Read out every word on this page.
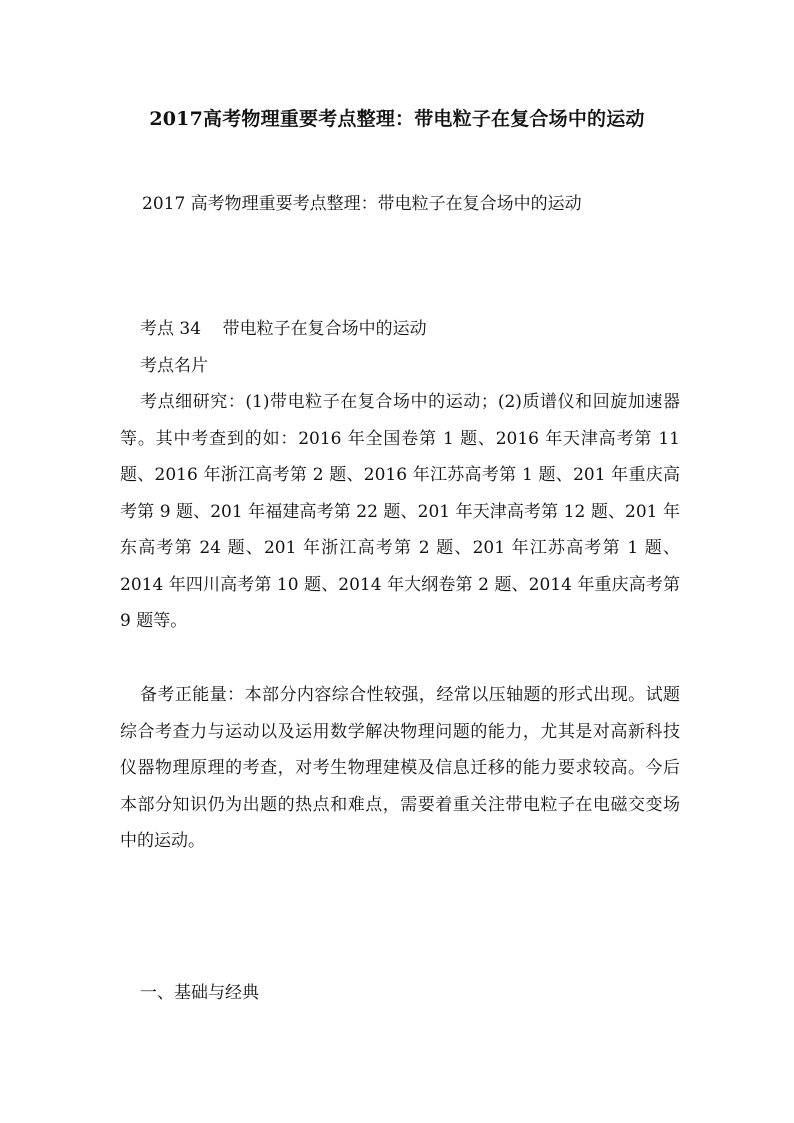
2017高考物理重要考点整理：带电粒子在复合场中的运动

2017 高考物理重要考点整理：带电粒子在复合场中的运动

考点 34    带电粒子在复合场中的运动

考点名片

考点细研究：(1)带电粒子在复合场中的运动；(2)质谱仪和回旋加速器等。其中考查到的如：2016 年全国卷第 1 题、2016 年天津高考第 11 题、2016 年浙江高考第 2 题、2016 年江苏高考第 1 题、201 年重庆高考第 9 题、201 年福建高考第 22 题、201 年天津高考第 12 题、201 年东高考第 24 题、201 年浙江高考第 2 题、201 年江苏高考第 1 题、2014 年四川高考第 10 题、2014 年大纲卷第 2 题、2014 年重庆高考第 9 题等。

备考正能量：本部分内容综合性较强，经常以压轴题的形式出现。试题综合考查力与运动以及运用数学解决物理问题的能力，尤其是对高新科技仪器物理原理的考查，对考生物理建模及信息迁移的能力要求较高。今后本部分知识仍为出题的热点和难点，需要着重关注带电粒子在电磁交变场中的运动。

一、基础与经典
